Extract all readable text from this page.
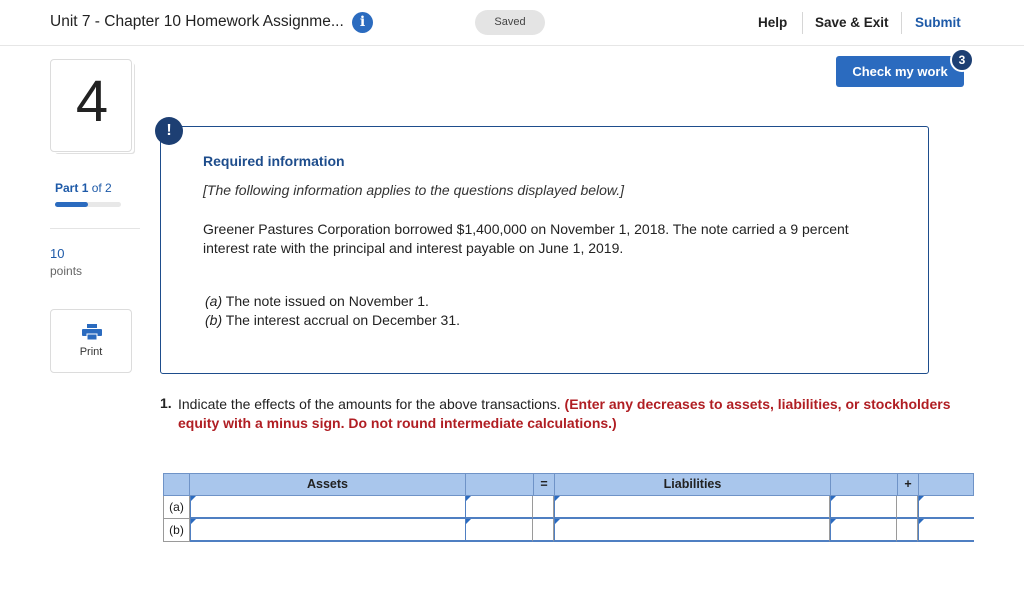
Unit 7 - Chapter 10 Homework Assignme...	i	Saved	Help Save & Exit Submit
4
Part 1 of 2
10
points
Print
Check my work
3
!
Required information
[The following information applies to the questions displayed below.]
Greener Pastures Corporation borrowed $1,400,000 on November 1, 2018. The note carried a 9 percent interest rate with the principal and interest payable on June 1, 2019.
(a) The note issued on November 1.
(b) The interest accrual on December 31.
1. Indicate the effects of the amounts for the above transactions. (Enter any decreases to assets, liabilities, or stockholders equity with a minus sign. Do not round intermediate calculations.)
Assets	=	Liabilities	+
(a)
(b)
